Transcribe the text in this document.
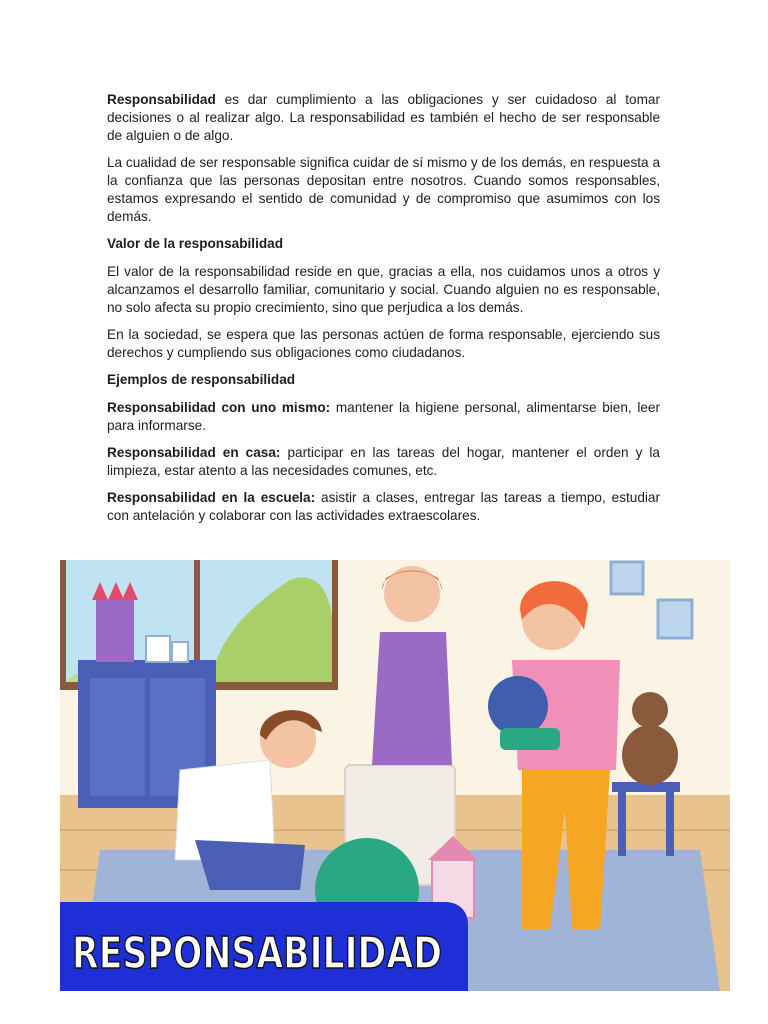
Responsabilidad es dar cumplimiento a las obligaciones y ser cuidadoso al tomar decisiones o al realizar algo. La responsabilidad es también el hecho de ser responsable de alguien o de algo.

La cualidad de ser responsable significa cuidar de sí mismo y de los demás, en respuesta a la confianza que las personas depositan entre nosotros. Cuando somos responsables, estamos expresando el sentido de comunidad y de compromiso que asumimos con los demás.

Valor de la responsabilidad

El valor de la responsabilidad reside en que, gracias a ella, nos cuidamos unos a otros y alcanzamos el desarrollo familiar, comunitario y social. Cuando alguien no es responsable, no solo afecta su propio crecimiento, sino que perjudica a los demás.

En la sociedad, se espera que las personas actúen de forma responsable, ejerciendo sus derechos y cumpliendo sus obligaciones como ciudadanos.

Ejemplos de responsabilidad

Responsabilidad con uno mismo: mantener la higiene personal, alimentarse bien, leer para informarse.

Responsabilidad en casa: participar en las tareas del hogar, mantener el orden y la limpieza, estar atento a las necesidades comunes, etc.

Responsabilidad en la escuela: asistir a clases, entregar las tareas a tiempo, estudiar con antelación y colaborar con las actividades extraescolares.

RESPONSABILIDAD
